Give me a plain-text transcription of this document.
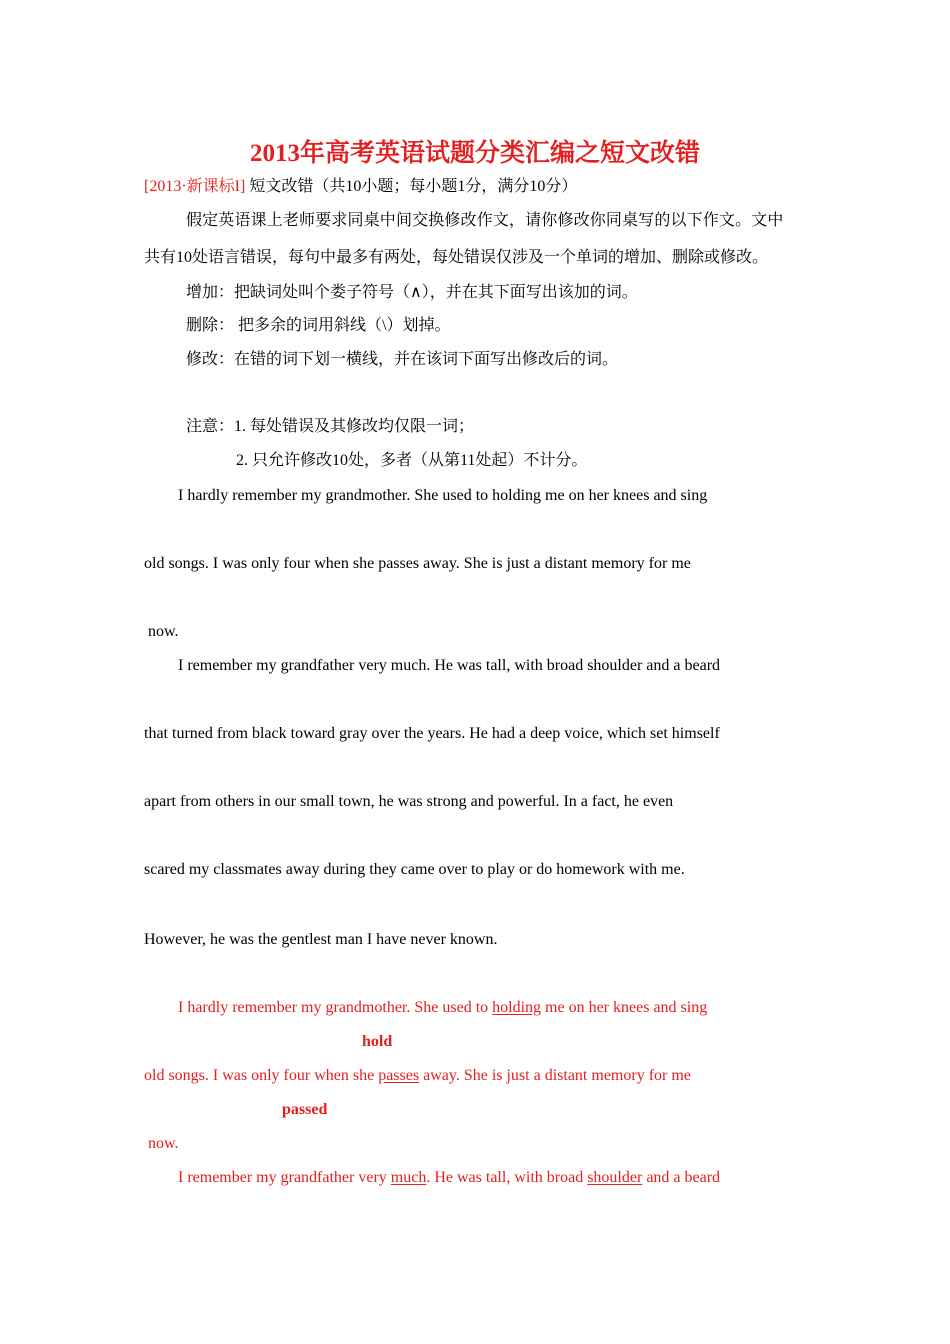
2013年高考英语试题分类汇编之短文改错
[2013·新课标I] 短文改错（共10小题；每小题1分，满分10分）
假定英语课上老师要求同桌中间交换修改作文，请你修改你同桌写的以下作文。文中
共有10处语言错误，每句中最多有两处，每处错误仅涉及一个单词的增加、删除或修改。
增加：把缺词处叫个娄子符号（∧），并在其下面写出该加的词。
删除： 把多余的词用斜线（\）划掉。
修改：在错的词下划一横线，并在该词下面写出修改后的词。
注意：1. 每处错误及其修改均仅限一词；
2. 只允许修改10处，多者（从第11处起）不计分。
I hardly remember my grandmother. She used to holding me on her knees and sing
old songs. I was only four when she passes away. She is just a distant memory for me
now.
I remember my grandfather very much. He was tall, with broad shoulder and a beard
that turned from black toward gray over the years. He had a deep voice, which set himself
apart from others in our small town, he was strong and powerful. In a fact, he even
scared my classmates away during they came over to play or do homework with me.
However, he was the gentlest man I have never known.
I hardly remember my grandmother. She used to holding me on her knees and sing
hold
old songs. I was only four when she passes away. She is just a distant memory for me
passed
now.
I remember my grandfather very much. He was tall, with broad shoulder and a beard
